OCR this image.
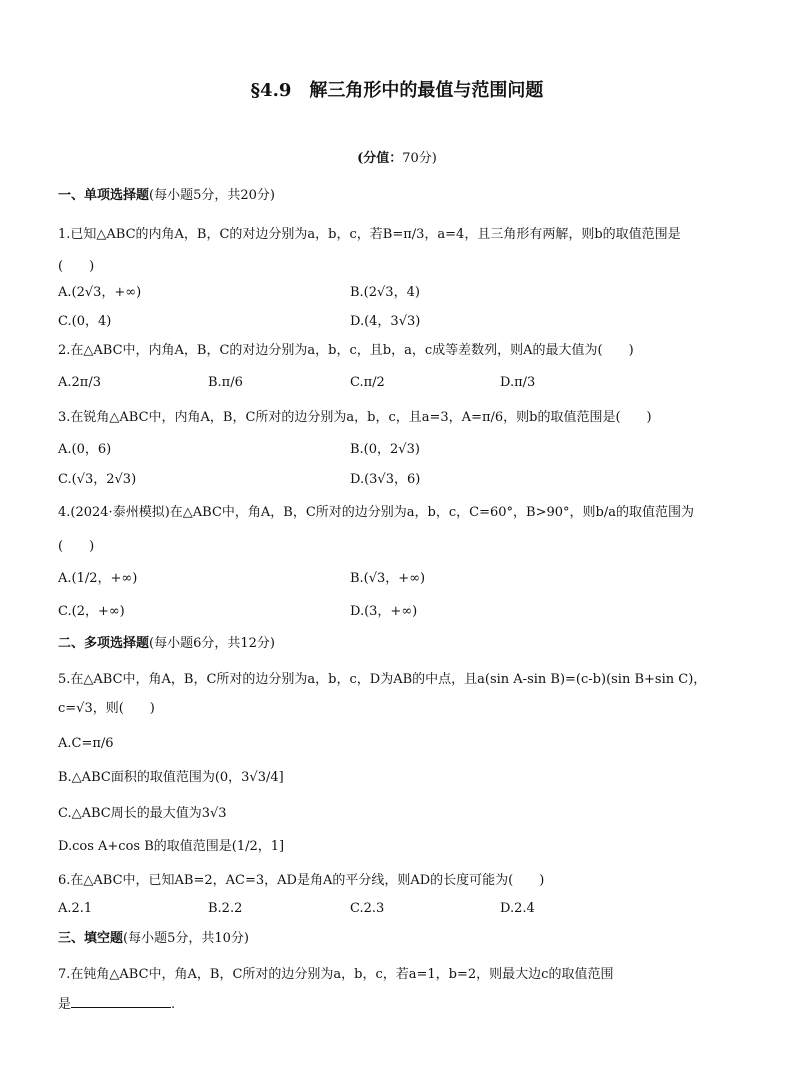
§4.9 解三角形中的最值与范围问题
(分值：70分)
一、单项选择题(每小题5分，共20分)
1.已知△ABC的内角A，B，C的对边分别为a，b，c，若B=π/3，a=4，且三角形有两解，则b的取值范围是
(　　)
A.(2√3，+∞)	B.(2√3，4)
C.(0，4)	D.(4，3√3)
2.在△ABC中，内角A，B，C的对边分别为a，b，c，且b，a，c成等差数列，则A的最大值为(　　)
A.2π/3	B.π/6	C.π/2	D.π/3
3.在锐角△ABC中，内角A，B，C所对的边分别为a，b，c，且a=3，A=π/6，则b的取值范围是(　　)
A.(0，6)	B.(0，2√3)
C.(√3，2√3)	D.(3√3，6)
4.(2024·泰州模拟)在△ABC中，角A，B，C所对的边分别为a，b，c，C=60°，B>90°，则b/a的取值范围为
(　　)
A.(1/2，+∞)	B.(√3，+∞)
C.(2，+∞)	D.(3，+∞)
二、多项选择题(每小题6分，共12分)
5.在△ABC中，角A，B，C所对的边分别为a，b，c，D为AB的中点，且a(sin A-sin B)=(c-b)(sin B+sin C)，
c=√3，则(　　)
A.C=π/6
B.△ABC面积的取值范围为(0，3√3/4]
C.△ABC周长的最大值为3√3
D.cos A+cos B的取值范围是(1/2，1]
6.在△ABC中，已知AB=2，AC=3，AD是角A的平分线，则AD的长度可能为(　　)
A.2.1	B.2.2	C.2.3	D.2.4
三、填空题(每小题5分，共10分)
7.在钝角△ABC中，角A，B，C所对的边分别为a，b，c，若a=1，b=2，则最大边c的取值范围
是	.
